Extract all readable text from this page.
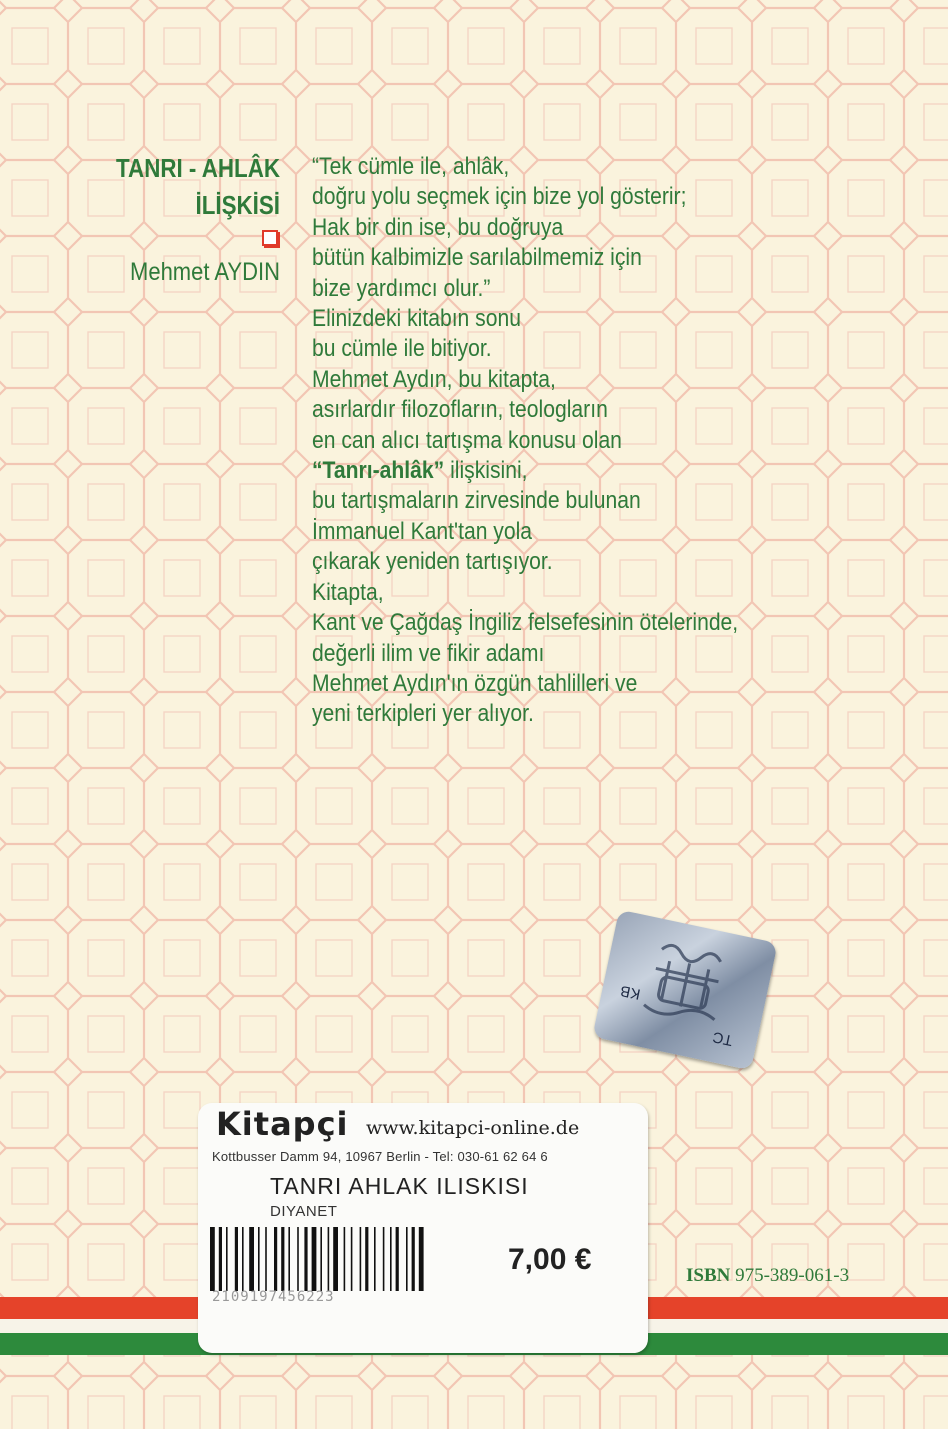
TANRI - AHLÂK
İLİŞKİSİ
Mehmet AYDIN
“Tek cümle ile, ahlâk,
doğru yolu seçmek için bize yol gösterir;
Hak bir din ise, bu doğruya
bütün kalbimizle sarılabilmemiz için
bize yardımcı olur.”
Elinizdeki kitabın sonu
bu cümle ile bitiyor.
Mehmet Aydın, bu kitapta,
asırlardır filozofların, teologların
en can alıcı tartışma konusu olan
“Tanrı-ahlâk” ilişkisini,
bu tartışmaların zirvesinde bulunan
İmmanuel Kant'tan yola
çıkarak yeniden tartışıyor.
Kitapta,
Kant ve Çağdaş İngiliz felsefesinin ötelerinde,
değerli ilim ve fikir adamı
Mehmet Aydın'ın özgün tahlilleri ve
yeni terkipleri yer alıyor.
KB
TC
ISBN 975-389-061-3
Kitapçi www.kitapci-online.de
Kottbusser Damm 94, 10967 Berlin - Tel: 030-61 62 64 6
TANRI AHLAK ILISKISI
DIYANET
2109197456223
7,00 €
